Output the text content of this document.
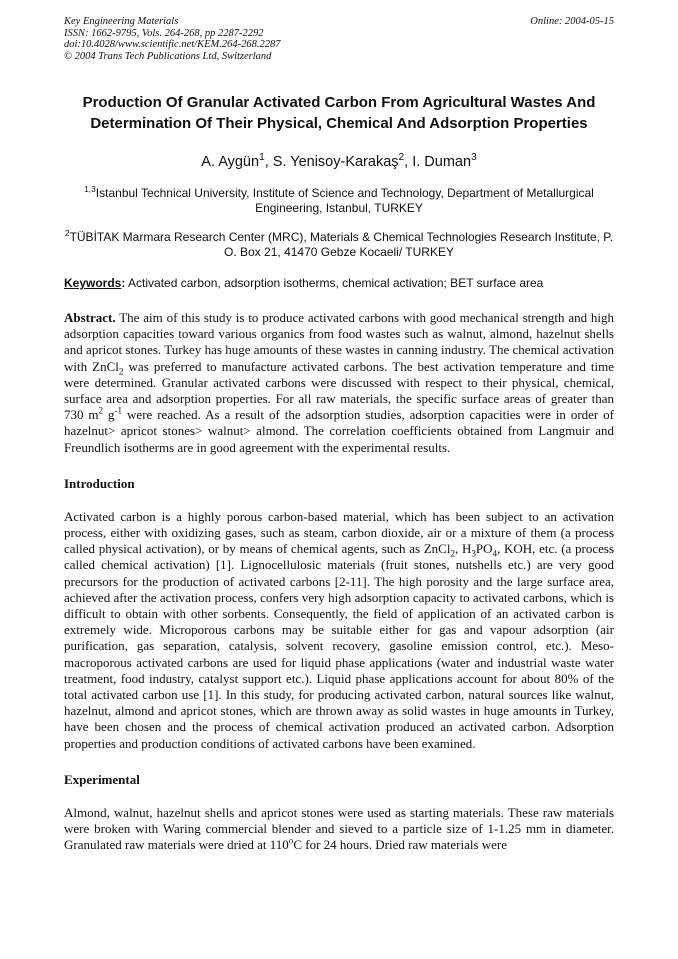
Key Engineering Materials
ISSN: 1662-9795, Vols. 264-268, pp 2287-2292
doi:10.4028/www.scientific.net/KEM.264-268.2287
© 2004 Trans Tech Publications Ltd, Switzerland
Online: 2004-05-15
Production Of Granular Activated Carbon From Agricultural Wastes And
Determination Of Their Physical, Chemical And Adsorption Properties
A. Aygün$^1$, S. Yenisoy-Karakaş$^2$, I. Duman$^3$
$^{1,3}$Istanbul Technical University, Institute of Science and Technology, Department of Metallurgical Engineering, Istanbul, TURKEY
$^2$TÜBİTAK Marmara Research Center (MRC), Materials & Chemical Technologies Research Institute, P. O. Box 21, 41470 Gebze Kocaeli/ TURKEY
Keywords: Activated carbon, adsorption isotherms, chemical activation; BET surface area
Abstract. The aim of this study is to produce activated carbons with good mechanical strength and high adsorption capacities toward various organics from food wastes such as walnut, almond, hazelnut shells and apricot stones. Turkey has huge amounts of these wastes in canning industry. The chemical activation with ZnCl$_2$ was preferred to manufacture activated carbons. The best activation temperature and time were determined. Granular activated carbons were discussed with respect to their physical, chemical, surface area and adsorption properties. For all raw materials, the specific surface areas of greater than 730 $m^2$ $g^{-1}$ were reached. As a result of the adsorption studies, adsorption capacities were in order of hazelnut> apricot stones> walnut> almond. The correlation coefficients obtained from Langmuir and Freundlich isotherms are in good agreement with the experimental results.
Introduction
Activated carbon is a highly porous carbon-based material, which has been subject to an activation process, either with oxidizing gases, such as steam, carbon dioxide, air or a mixture of them (a process called physical activation), or by means of chemical agents, such as ZnCl$_2$, $H_3PO_4$, KOH, etc. (a process called chemical activation) [1]. Lignocellulosic materials (fruit stones, nutshells etc.) are very good precursors for the production of activated carbons [2-11]. The high porosity and the large surface area, achieved after the activation process, confers very high adsorption capacity to activated carbons, which is difficult to obtain with other sorbents. Consequently, the field of application of an activated carbon is extremely wide. Microporous carbons may be suitable either for gas and vapour adsorption (air purification, gas separation, catalysis, solvent recovery, gasoline emission control, etc.). Meso-macroporous activated carbons are used for liquid phase applications (water and industrial waste water treatment, food industry, catalyst support etc.). Liquid phase applications account for about 80% of the total activated carbon use [1]. In this study, for producing activated carbon, natural sources like walnut, hazelnut, almond and apricot stones, which are thrown away as solid wastes in huge amounts in Turkey, have been chosen and the process of chemical activation produced an activated carbon. Adsorption properties and production conditions of activated carbons have been examined.
Experimental
Almond, walnut, hazelnut shells and apricot stones were used as starting materials. These raw materials were broken with Waring commercial blender and sieved to a particle size of 1-1.25 mm in diameter. Granulated raw materials were dried at 110$^o$C for 24 hours. Dried raw materials were
